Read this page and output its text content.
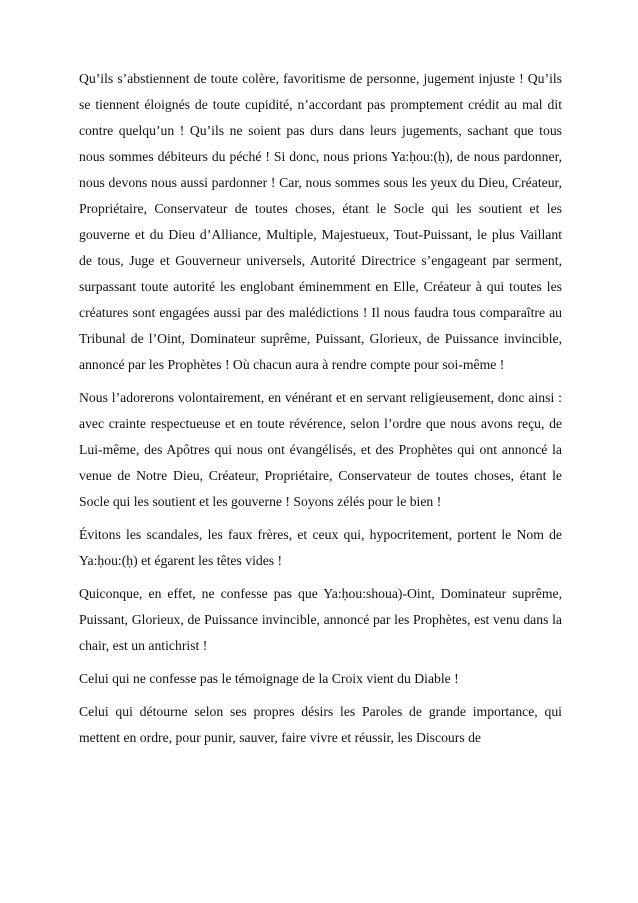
Qu’ils s’abstiennent de toute colère, favoritisme de personne, jugement injuste ! Qu’ils se tiennent éloignés de toute cupidité, n’accordant pas promptement crédit au mal dit contre quelqu’un ! Qu’ils ne soient pas durs dans leurs jugements, sachant que tous nous sommes débiteurs du péché ! Si donc, nous prions Ya:ḥou:(ḥ), de nous pardonner, nous devons nous aussi pardonner ! Car, nous sommes sous les yeux du Dieu, Créateur, Propriétaire, Conservateur de toutes choses, étant le Socle qui les soutient et les gouverne et du Dieu d’Alliance, Multiple, Majestueux, Tout-Puissant, le plus Vaillant de tous, Juge et Gouverneur universels, Autorité Directrice s’engageant par serment, surpassant toute autorité les englobant éminemment en Elle, Créateur à qui toutes les créatures sont engagées aussi par des malédictions ! Il nous faudra tous comparaître au Tribunal de l’Oint, Dominateur suprême, Puissant, Glorieux, de Puissance invincible, annoncé par les Prophètes ! Où chacun aura à rendre compte pour soi-même !

Nous l’adorerons volontairement, en vénérant et en servant religieusement, donc ainsi : avec crainte respectueuse et en toute révérence, selon l’ordre que nous avons reçu, de Lui-même, des Apôtres qui nous ont évangélisés, et des Prophètes qui ont annoncé la venue de Notre Dieu, Créateur, Propriétaire, Conservateur de toutes choses, étant le Socle qui les soutient et les gouverne ! Soyons zélés pour le bien !

Évitons les scandales, les faux frères, et ceux qui, hypocritement, portent le Nom de Ya:ḥou:(ḥ) et égarent les têtes vides !

Quiconque, en effet, ne confesse pas que Ya:ḥou:shoua)-Oint, Dominateur suprême, Puissant, Glorieux, de Puissance invincible, annoncé par les Prophètes, est venu dans la chair, est un antichrist !

Celui qui ne confesse pas le témoignage de la Croix vient du Diable !

Celui qui détourne selon ses propres désirs les Paroles de grande importance, qui mettent en ordre, pour punir, sauver, faire vivre et réussir, les Discours de
